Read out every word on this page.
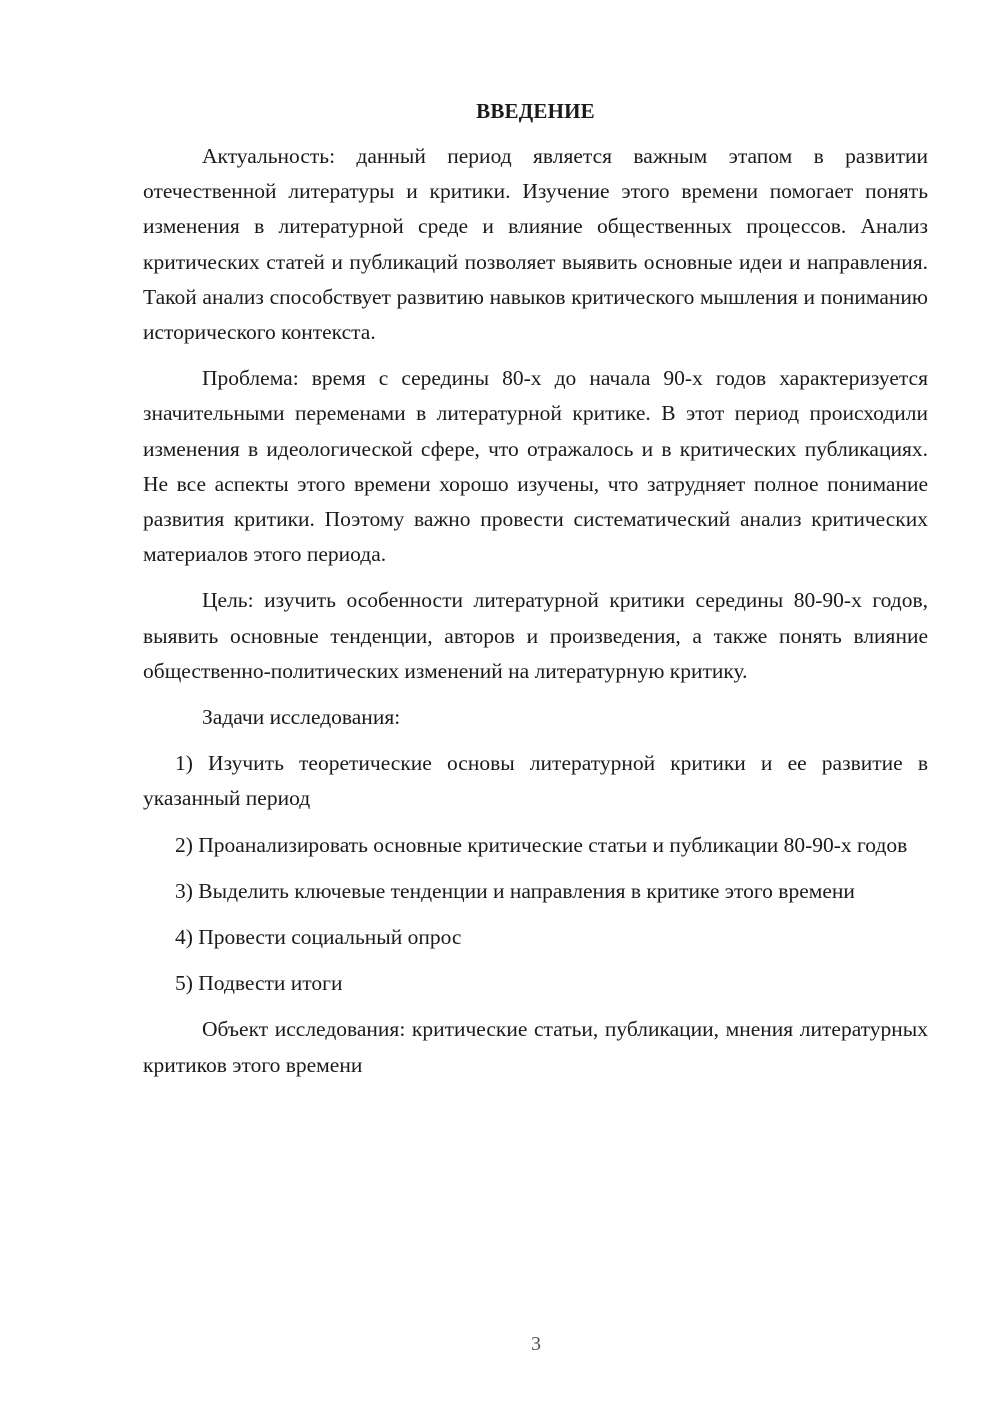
ВВЕДЕНИЕ

Актуальность: данный период является важным этапом в развитии отечественной литературы и критики. Изучение этого времени помогает понять изменения в литературной среде и влияние общественных процессов. Анализ критических статей и публикаций позволяет выявить основные идеи и направления. Такой анализ способствует развитию навыков критического мышления и пониманию исторического контекста.

Проблема: время с середины 80-х до начала 90-х годов характеризуется значительными переменами в литературной критике. В этот период происходили изменения в идеологической сфере, что отражалось и в критических публикациях. Не все аспекты этого времени хорошо изучены, что затрудняет полное понимание развития критики. Поэтому важно провести систематический анализ критических материалов этого периода.

Цель: изучить особенности литературной критики середины 80-90-х годов, выявить основные тенденции, авторов и произведения, а также понять влияние общественно-политических изменений на литературную критику.

Задачи исследования:

1) Изучить теоретические основы литературной критики и ее развитие в указанный период

2) Проанализировать основные критические статьи и публикации 80-90-х годов

3) Выделить ключевые тенденции и направления в критике этого времени

4) Провести социальный опрос

5) Подвести итоги

Объект исследования: критические статьи, публикации, мнения литературных критиков этого времени

3
